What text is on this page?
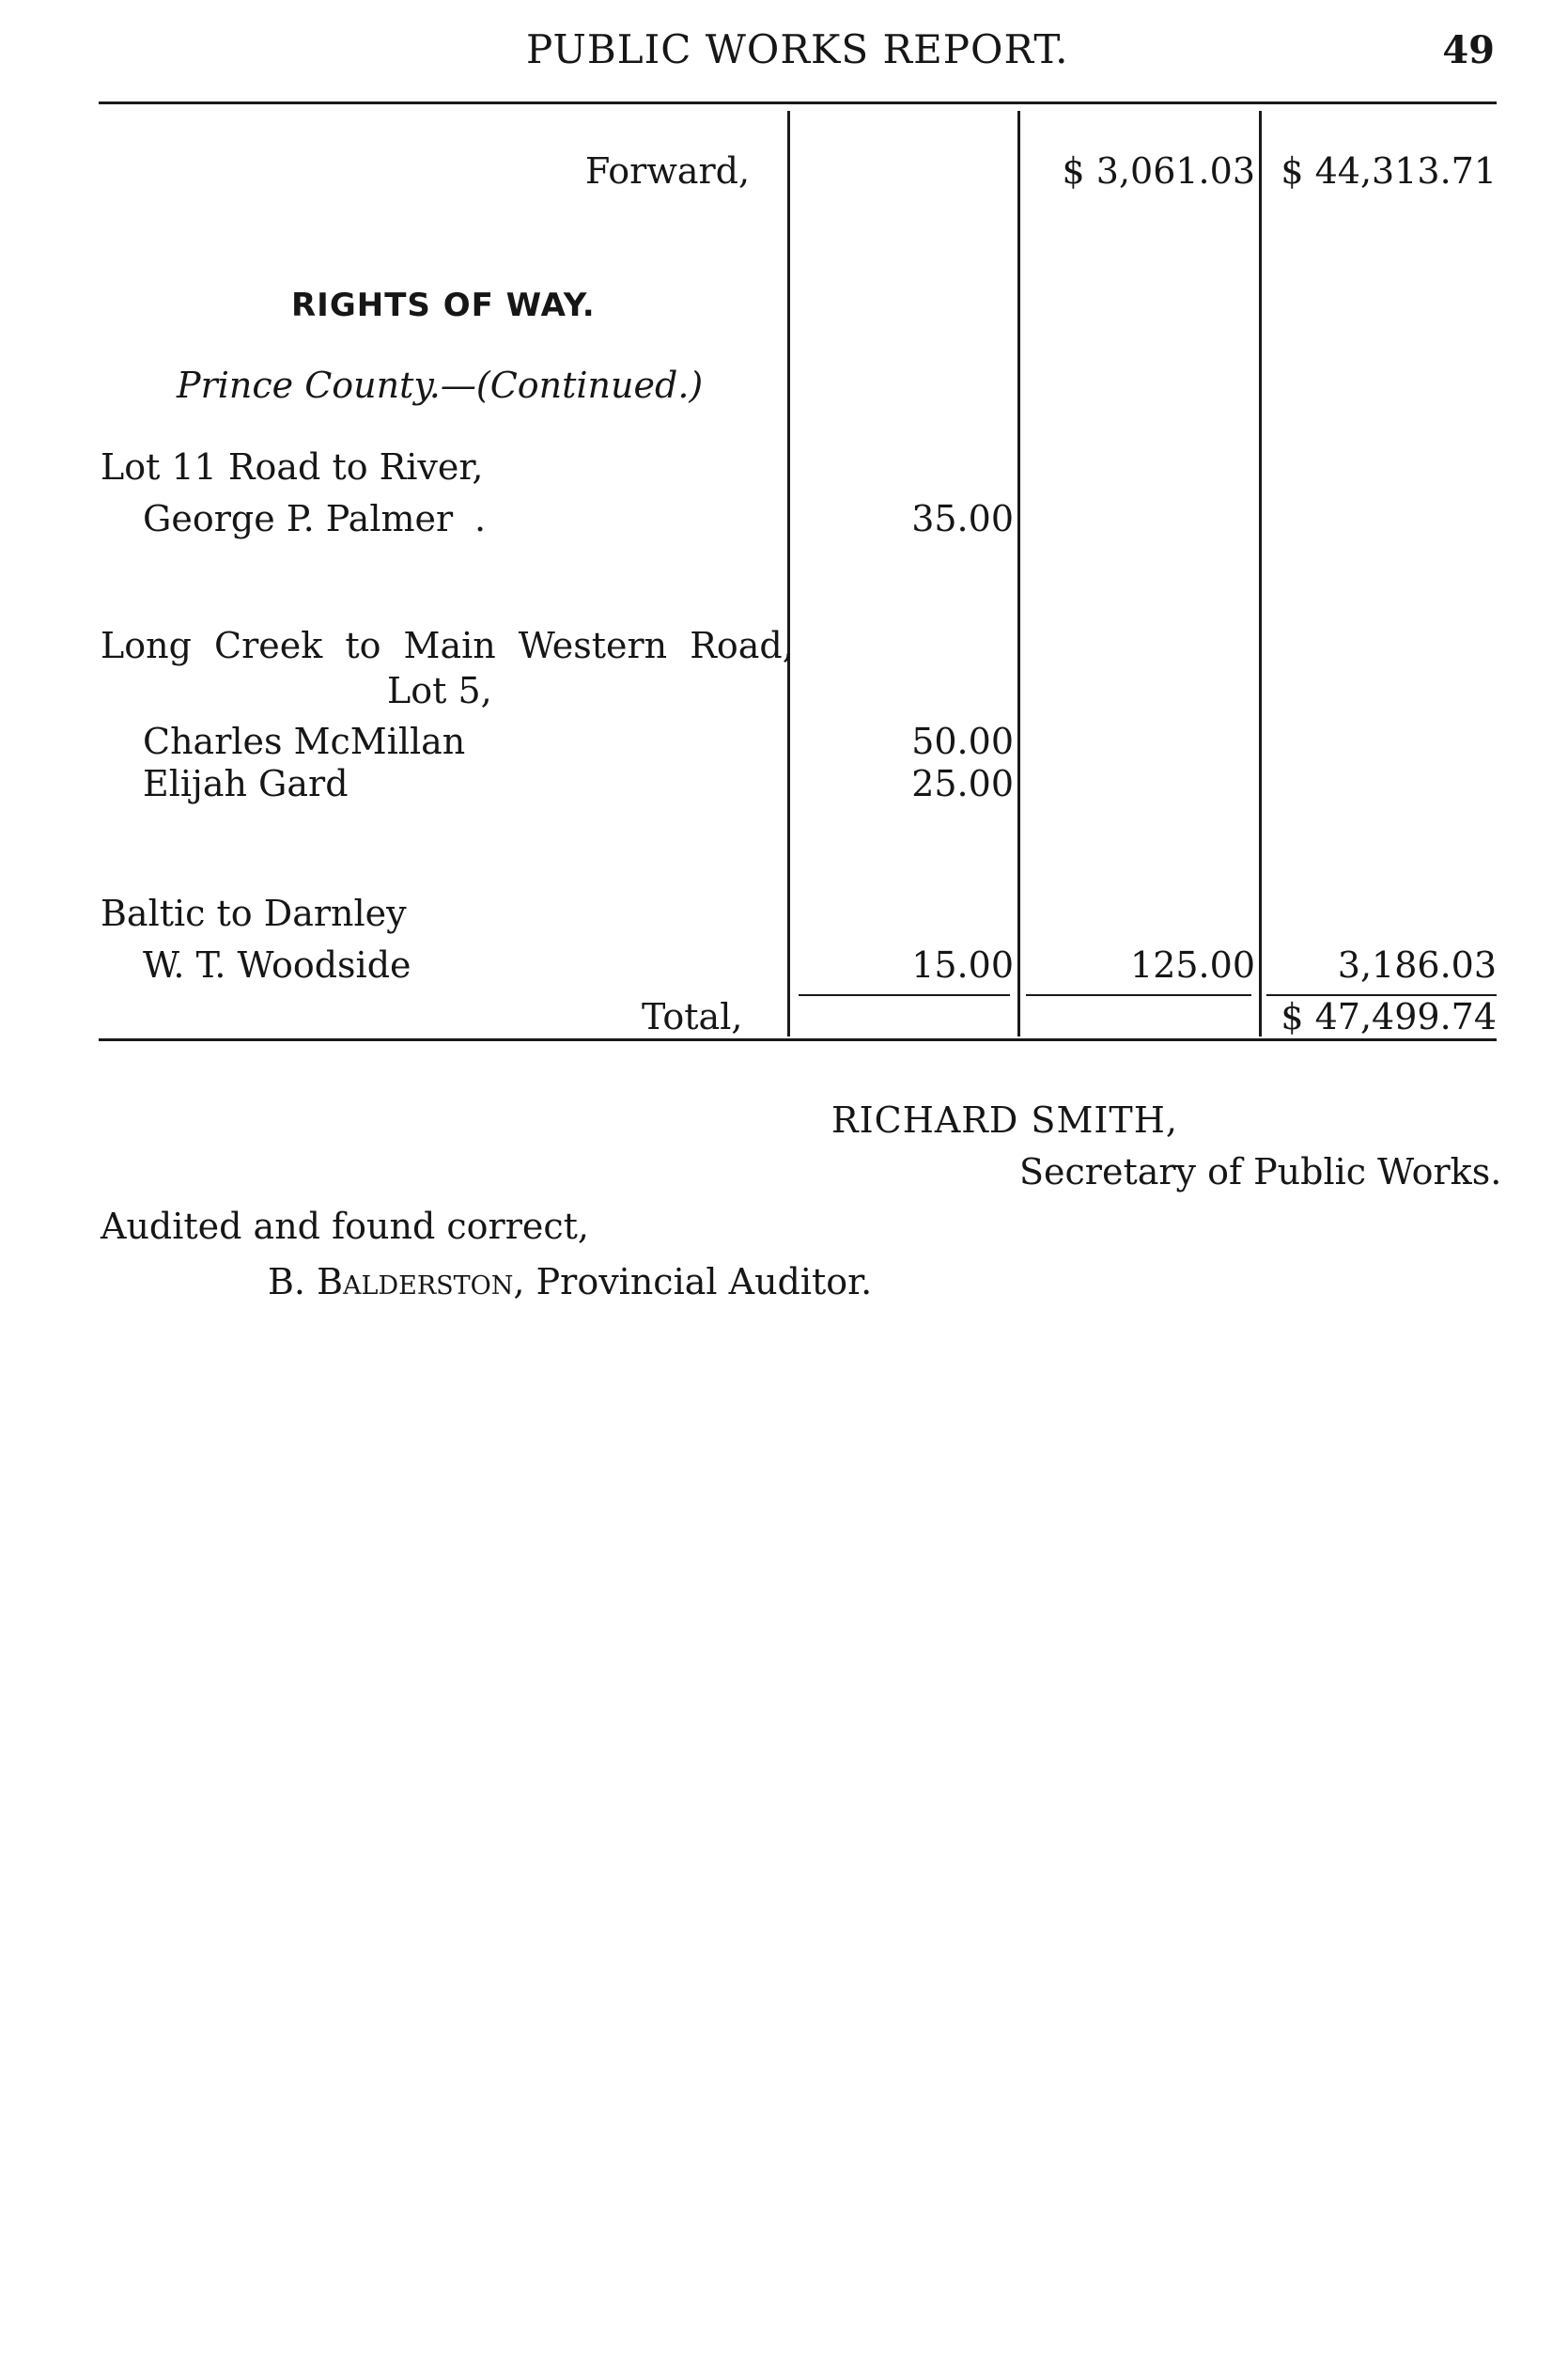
PUBLIC WORKS REPORT.	49
Forward,	$ 3,061.03 $ 44,313.71
RIGHTS OF WAY.
Prince County.—(Continued.)
Lot 11 Road to River,
George P. Palmer .	35.00
Long Creek to Main Western Road,
Lot 5,
Charles McMillan	50.00
Elijah Gard	25.00
Baltic to Darnley
W. T. Woodside	15.00	125.00	3,186.03
Total,	$ 47,499.74
RICHARD SMITH,
Secretary of Public Works.
Audited and found correct,
B. Balderston, Provincial Auditor.
